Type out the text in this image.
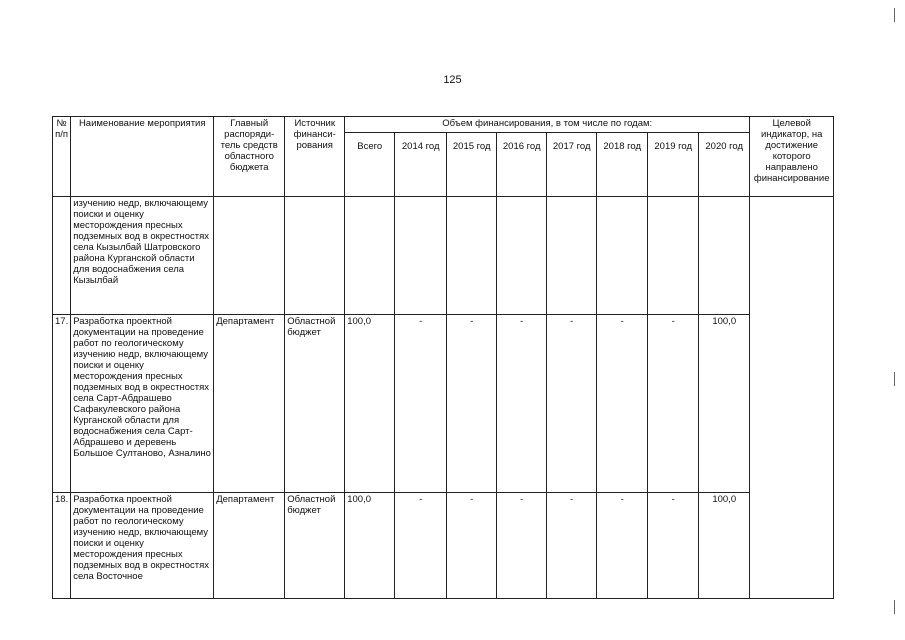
125
№ п/п	Наименование мероприятия	Главный распоряди-тель средств областного бюджета	Источник финанси-рования	Объем финансирования, в том числе по годам:								Целевой индикатор, на достижение которого направлено финансирование
				Всего	2014 год	2015 год	2016 год	2017 год	2018 год	2019 год	2020 год	
	изучению недр, включающему поиски и оценку месторождения пресных подземных вод в окрестностях села Кызылбай Шатровского района Курганской области для водоснабжения села Кызылбай											
17.	Разработка проектной документации на проведение работ по геологическому изучению недр, включающему поиски и оценку месторождения пресных подземных вод в окрестностях села Сарт-Абдрашево Сафакулевского района Курганской области для водоснабжения села Сарт-Абдрашево и деревень Большое Султаново, Азналино	Департамент	Областной бюджет	100,0	-	-	-	-	-	-	100,0	
18.	Разработка проектной документации на проведение работ по геологическому изучению недр, включающему поиски и оценку месторождения пресных подземных вод в окрестностях села Восточное	Департамент	Областной бюджет	100,0	-	-	-	-	-	-	100,0	
